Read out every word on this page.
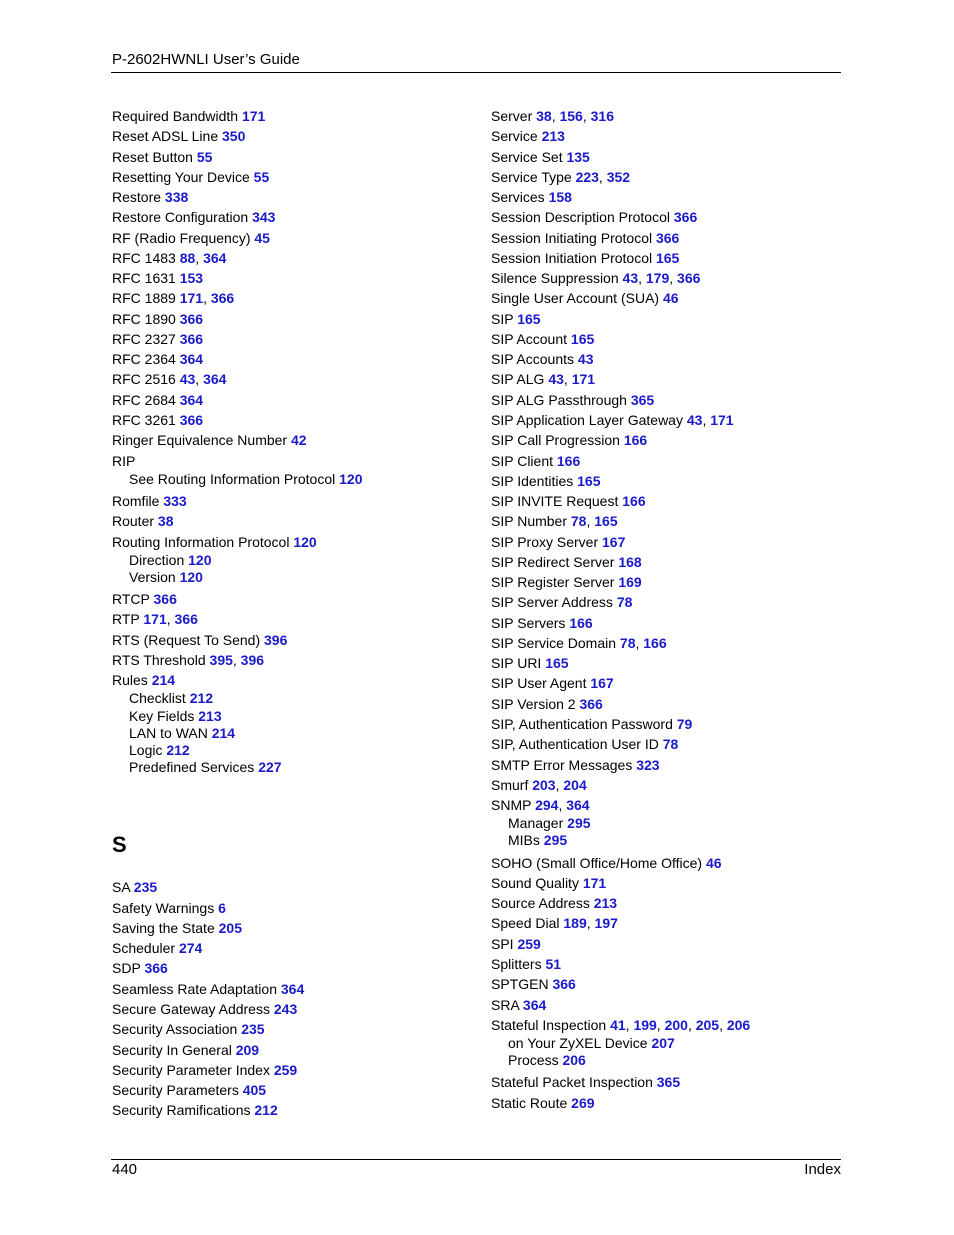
P-2602HWNLI User’s Guide
Required Bandwidth 171
Reset ADSL Line 350
Reset Button 55
Resetting Your Device 55
Restore 338
Restore Configuration 343
RF (Radio Frequency) 45
RFC 1483 88, 364
RFC 1631 153
RFC 1889 171, 366
RFC 1890 366
RFC 2327 366
RFC 2364 364
RFC 2516 43, 364
RFC 2684 364
RFC 3261 366
Ringer Equivalence Number 42
RIP
See Routing Information Protocol 120
Romfile 333
Router 38
Routing Information Protocol 120
Direction 120
Version 120
RTCP 366
RTP 171, 366
RTS (Request To Send) 396
RTS Threshold 395, 396
Rules 214
Checklist 212
Key Fields 213
LAN to WAN 214
Logic 212
Predefined Services 227
S
SA 235
Safety Warnings 6
Saving the State 205
Scheduler 274
SDP 366
Seamless Rate Adaptation 364
Secure Gateway Address 243
Security Association 235
Security In General 209
Security Parameter Index 259
Security Parameters 405
Security Ramifications 212
Server 38, 156, 316
Service 213
Service Set 135
Service Type 223, 352
Services 158
Session Description Protocol 366
Session Initiating Protocol 366
Session Initiation Protocol 165
Silence Suppression 43, 179, 366
Single User Account (SUA) 46
SIP 165
SIP Account 165
SIP Accounts 43
SIP ALG 43, 171
SIP ALG Passthrough 365
SIP Application Layer Gateway 43, 171
SIP Call Progression 166
SIP Client 166
SIP Identities 165
SIP INVITE Request 166
SIP Number 78, 165
SIP Proxy Server 167
SIP Redirect Server 168
SIP Register Server 169
SIP Server Address 78
SIP Servers 166
SIP Service Domain 78, 166
SIP URI 165
SIP User Agent 167
SIP Version 2 366
SIP, Authentication Password 79
SIP, Authentication User ID 78
SMTP Error Messages 323
Smurf 203, 204
SNMP 294, 364
Manager 295
MIBs 295
SOHO (Small Office/Home Office) 46
Sound Quality 171
Source Address 213
Speed Dial 189, 197
SPI 259
Splitters 51
SPTGEN 366
SRA 364
Stateful Inspection 41, 199, 200, 205, 206
on Your ZyXEL Device 207
Process 206
Stateful Packet Inspection 365
Static Route 269
440	Index
